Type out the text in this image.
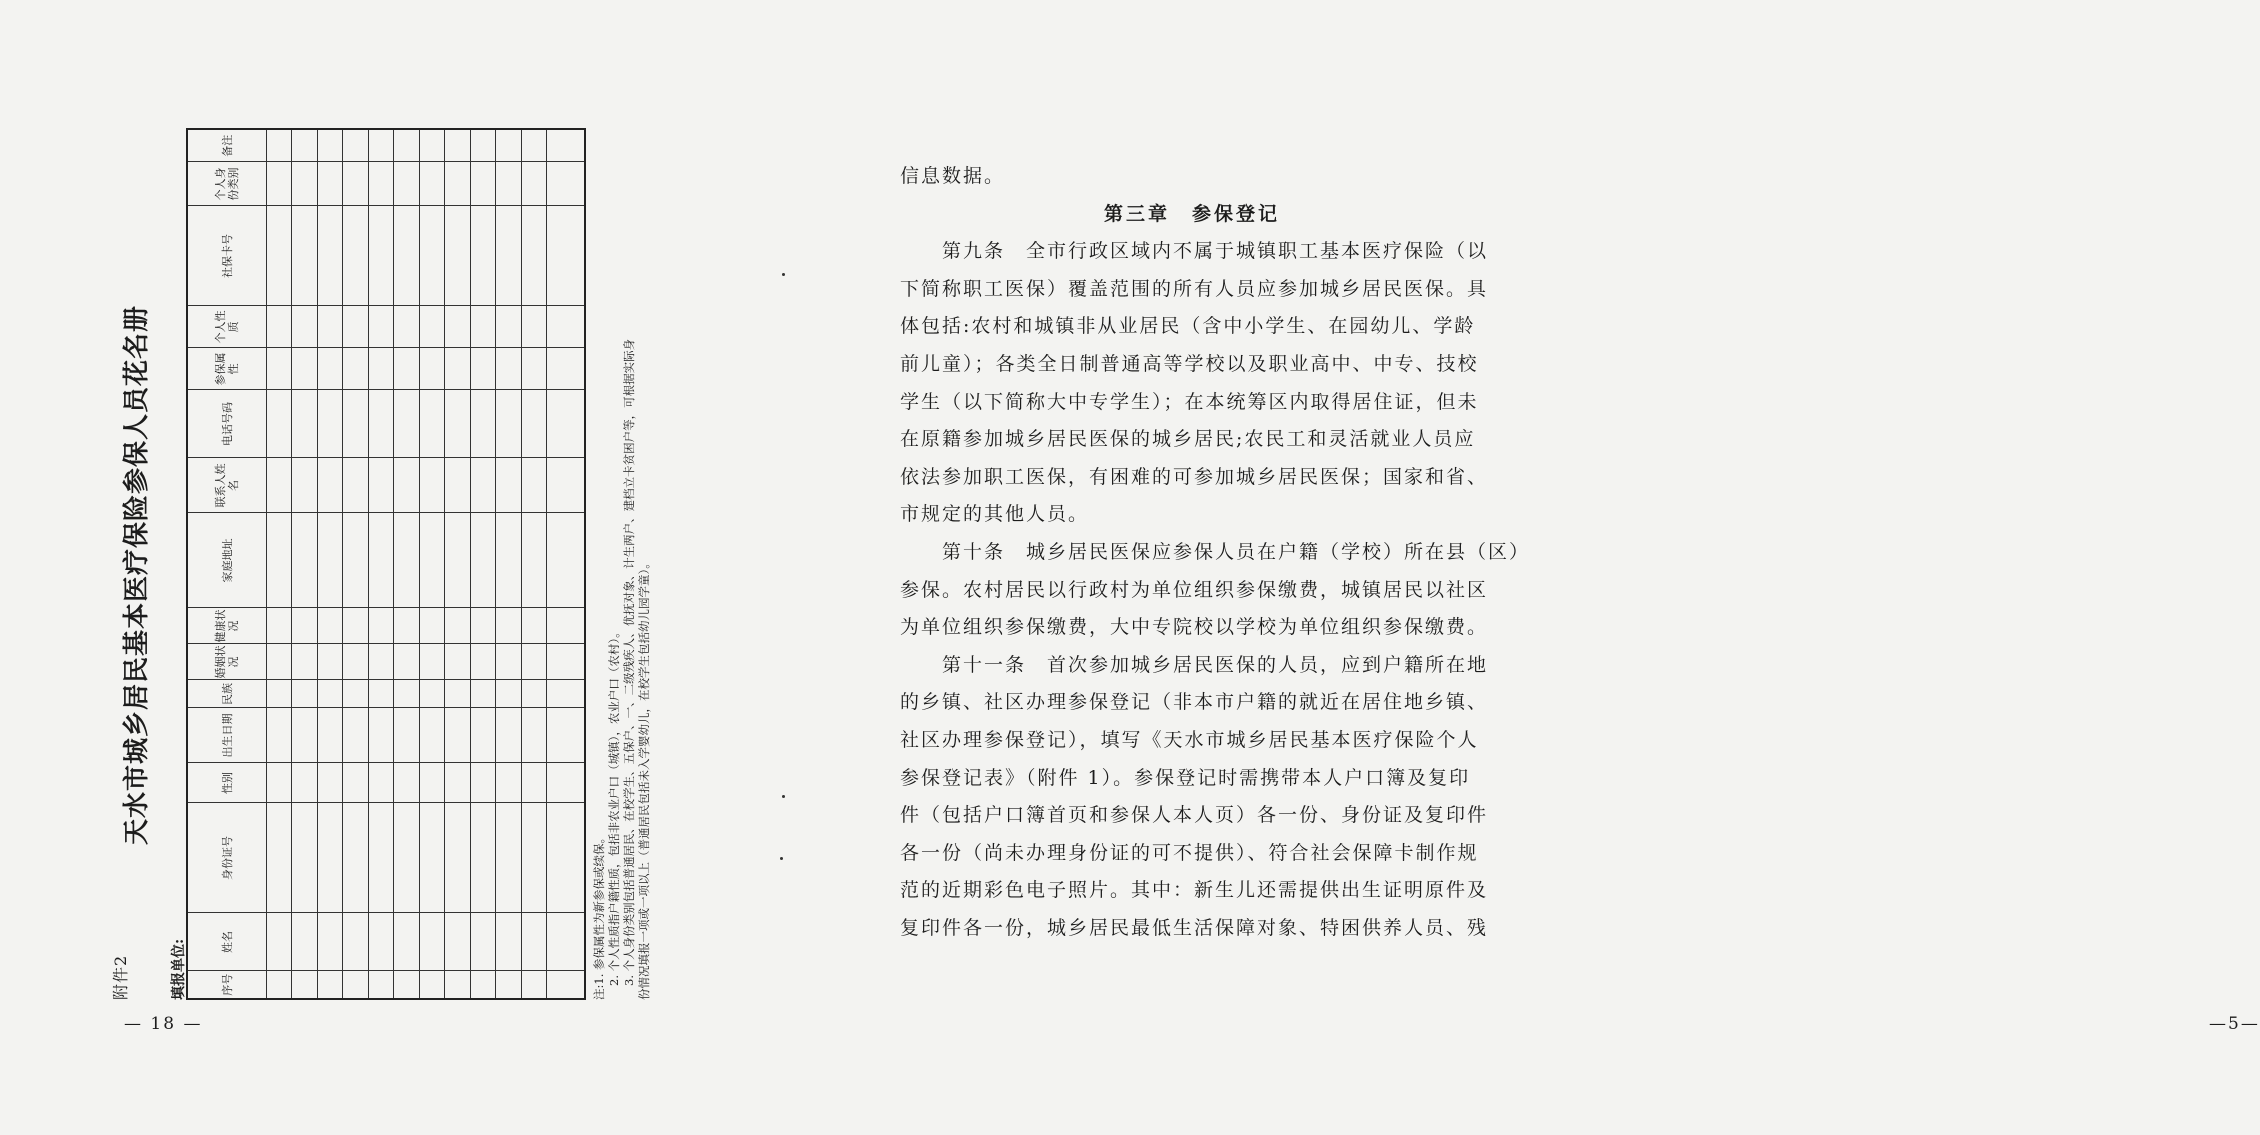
附件2
天水市城乡居民基本医疗保险参保人员花名册
填报单位:	序号	姓名	身份证号	性别	出生日期	民族	婚姻状况	健康状况	家庭地址	联系人姓名	电话号码	参保属性	个人性质	社保卡号	个人身份类别	备注

注:1. 参保属性为新参保或续保。 2. 个人性质指户籍性质，包括非农业户口（城镇），农业户口（农村）。 3. 个人身份类别包括普通居民、在校学生、五保户、一、二级残疾人、优抚对象、计生两户、建档立卡贫困户等，可根据实际身 份情况填报一项或一项以上（普通居民包括未入学婴幼儿，在校学生包括幼儿园学童）。
— 18 —
信息数据。
第三章　参保登记
　　第九条　全市行政区域内不属于城镇职工基本医疗保险（以
下简称职工医保）覆盖范围的所有人员应参加城乡居民医保。具
体包括:农村和城镇非从业居民（含中小学生、在园幼儿、学龄
前儿童）；各类全日制普通高等学校以及职业高中、中专、技校
学生（以下简称大中专学生）；在本统筹区内取得居住证，但未
在原籍参加城乡居民医保的城乡居民;农民工和灵活就业人员应
依法参加职工医保，有困难的可参加城乡居民医保；国家和省、
市规定的其他人员。
　　第十条　城乡居民医保应参保人员在户籍（学校）所在县（区）
参保。农村居民以行政村为单位组织参保缴费，城镇居民以社区
为单位组织参保缴费，大中专院校以学校为单位组织参保缴费。
　　第十一条　首次参加城乡居民医保的人员，应到户籍所在地
的乡镇、社区办理参保登记（非本市户籍的就近在居住地乡镇、
社区办理参保登记），填写《天水市城乡居民基本医疗保险个人
参保登记表》（附件 1）。参保登记时需携带本人户口簿及复印
件（包括户口簿首页和参保人本人页）各一份、身份证及复印件
各一份（尚未办理身份证的可不提供）、符合社会保障卡制作规
范的近期彩色电子照片。其中：新生儿还需提供出生证明原件及
复印件各一份，城乡居民最低生活保障对象、特困供养人员、残
—5—
